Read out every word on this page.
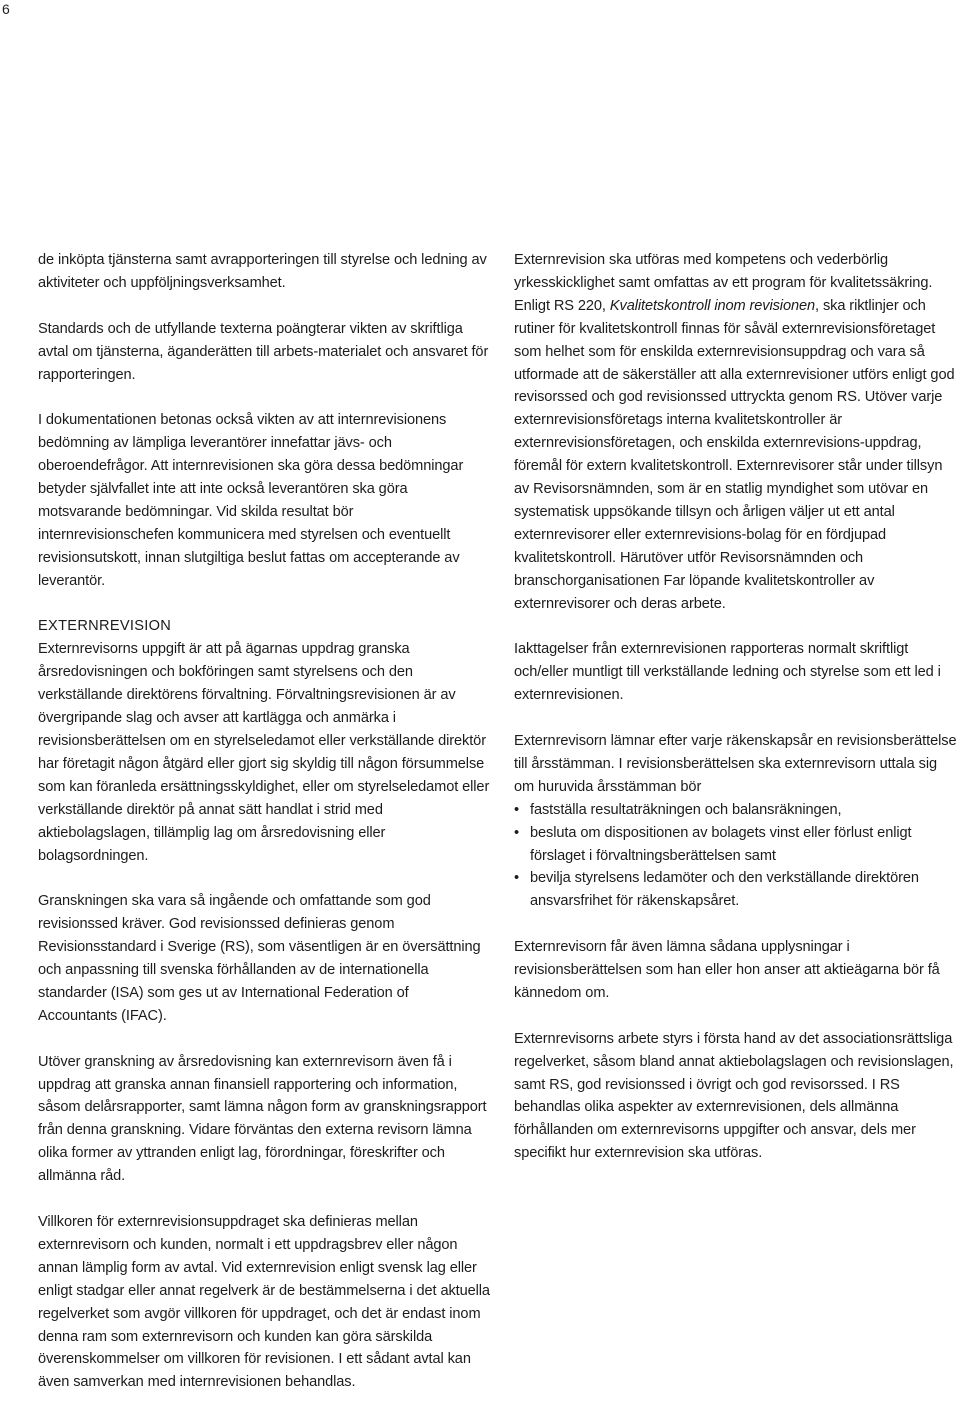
6

de inköpta tjänsterna samt avrapporteringen till styrelse och ledning av aktiviteter och uppföljningsverksamhet.

Standards och de utfyllande texterna poängterar vikten av skriftliga avtal om tjänsterna, äganderätten till arbets-materialet och ansvaret för rapporteringen.

I dokumentationen betonas också vikten av att internrevisionens bedömning av lämpliga leverantörer innefattar jävs- och oberoendefrågor. Att internrevisionen ska göra dessa bedömningar betyder självfallet inte att inte också leverantören ska göra motsvarande bedömningar. Vid skilda resultat bör internrevisionschefen kommunicera med styrelsen och eventuellt revisionsutskott, innan slutgiltiga beslut fattas om accepterande av leverantör.

EXTERNREVISION

Externrevisorns uppgift är att på ägarnas uppdrag granska årsredovisningen och bokföringen samt styrelsens och den verkställande direktörens förvaltning. Förvaltningsrevisionen är av övergripande slag och avser att kartlägga och anmärka i revisionsberättelsen om en styrelseledamot eller verkställande direktör har företagit någon åtgärd eller gjort sig skyldig till någon försummelse som kan föranleda ersättningsskyldighet, eller om styrelseledamot eller verkställande direktör på annat sätt handlat i strid med aktiebolagslagen, tillämplig lag om årsredovisning eller bolagsordningen.

Granskningen ska vara så ingående och omfattande som god revisionssed kräver. God revisionssed definieras genom Revisionsstandard i Sverige (RS), som väsentligen är en översättning och anpassning till svenska förhållanden av de internationella standarder (ISA) som ges ut av International Federation of Accountants (IFAC).

Utöver granskning av årsredovisning kan externrevisorn även få i uppdrag att granska annan finansiell rapportering och information, såsom delårsrapporter, samt lämna någon form av granskningsrapport från denna granskning. Vidare förväntas den externa revisorn lämna olika former av yttranden enligt lag, förordningar, föreskrifter och allmänna råd.

Villkoren för externrevisionsuppdraget ska definieras mellan externrevisorn och kunden, normalt i ett uppdragsbrev eller någon annan lämplig form av avtal. Vid externrevision enligt svensk lag eller enligt stadgar eller annat regelverk är de bestämmelserna i det aktuella regelverket som avgör villkoren för uppdraget, och det är endast inom denna ram som externrevisorn och kunden kan göra särskilda överenskommelser om villkoren för revisionen. I ett sådant avtal kan även samverkan med internrevisionen behandlas.

Externrevision ska utföras med kompetens och vederbörlig yrkesskicklighet samt omfattas av ett program för kvalitetssäkring. Enligt RS 220, Kvalitetskontroll inom revisionen, ska riktlinjer och rutiner för kvalitetskontroll finnas för såväl externrevisionsföretaget som helhet som för enskilda externrevisionsuppdrag och vara så utformade att de säkerställer att alla externrevisioner utförs enligt god revisorssed och god revisionssed uttryckta genom RS. Utöver varje externrevisionsföretags interna kvalitetskontroller är externrevisionsföretagen, och enskilda externrevisions-uppdrag, föremål för extern kvalitetskontroll. Externrevisorer står under tillsyn av Revisorsnämnden, som är en statlig myndighet som utövar en systematisk uppsökande tillsyn och årligen väljer ut ett antal externrevisorer eller externrevisions-bolag för en fördjupad kvalitetskontroll. Härutöver utför Revisorsnämnden och branschorganisationen Far löpande kvalitetskontroller av externrevisorer och deras arbete.

Iakttagelser från externrevisionen rapporteras normalt skriftligt och/eller muntligt till verkställande ledning och styrelse som ett led i externrevisionen.

Externrevisorn lämnar efter varje räkenskapsår en revisionsberättelse till årsstämman. I revisionsberättelsen ska externrevisorn uttala sig om huruvida årsstämman bör

• fastställa resultaträkningen och balansräkningen,
• besluta om dispositionen av bolagets vinst eller förlust enligt förslaget i förvaltningsberättelsen samt
• bevilja styrelsens ledamöter och den verkställande direktören ansvarsfrihet för räkenskapsåret.

Externrevisorn får även lämna sådana upplysningar i revisionsberättelsen som han eller hon anser att aktieägarna bör få kännedom om.

Externrevisorns arbete styrs i första hand av det associationsrättsliga regelverket, såsom bland annat aktiebolagslagen och revisionslagen, samt RS, god revisionssed i övrigt och god revisorssed. I RS behandlas olika aspekter av externrevisionen, dels allmänna förhållanden om externrevisorns uppgifter och ansvar, dels mer specifikt hur externrevision ska utföras.
